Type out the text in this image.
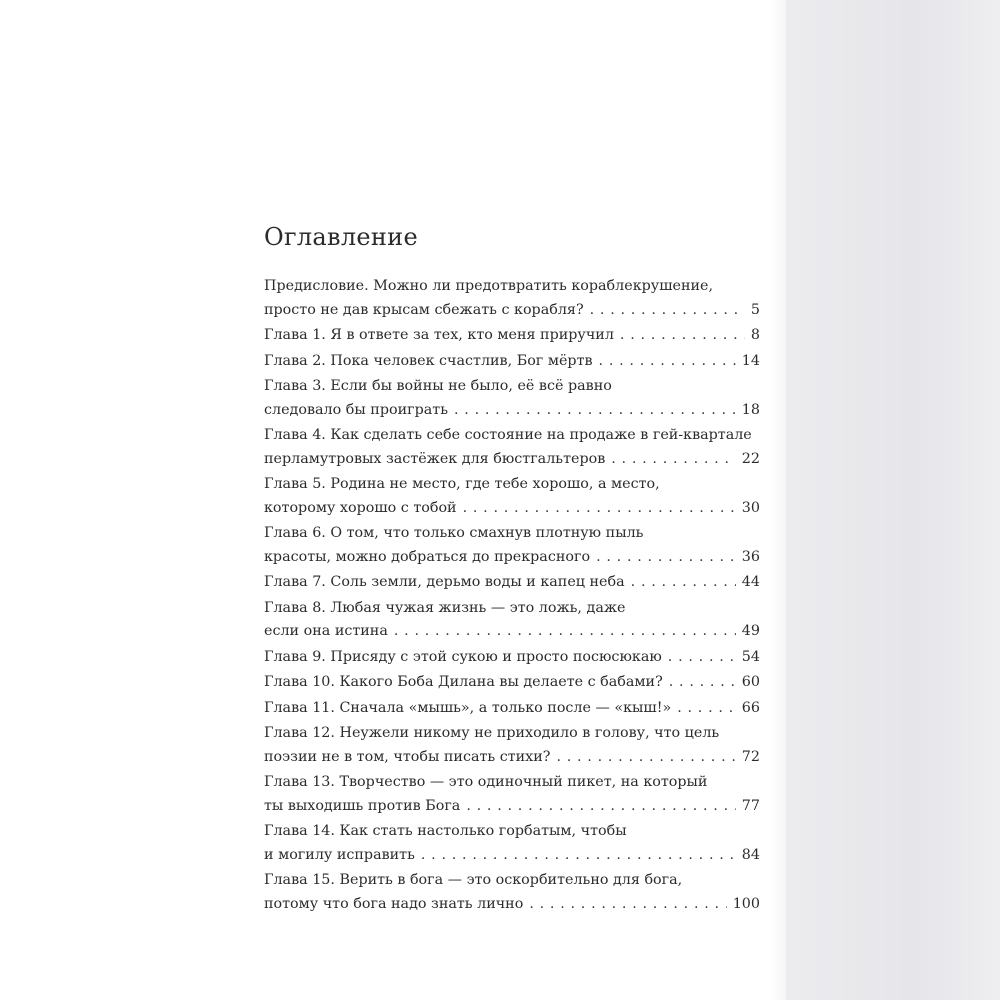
Оглавление
Предисловие. Можно ли предотвратить кораблекрушение,
просто не дав крысам сбежать с корабля? . . .	5
Глава 1. Я в ответе за тех, кто меня приручил . . .	8
Глава 2. Пока человек счастлив, Бог мёртв . . .	14
Глава 3. Если бы войны не было, её всё равно
следовало бы проиграть . . .	18
Глава 4. Как сделать себе состояние на продаже в гей-квартале
перламутровых застёжек для бюстгальтеров . . .	22
Глава 5. Родина не место, где тебе хорошо, а место,
которому хорошо с тобой . . .	30
Глава 6. О том, что только смахнув плотную пыль
красоты, можно добраться до прекрасного . . .	36
Глава 7. Соль земли, дерьмо воды и капец неба . . .	44
Глава 8. Любая чужая жизнь — это ложь, даже
если она истина . . .	49
Глава 9. Присяду с этой сукою и просто посюсюкаю . . .	54
Глава 10. Какого Боба Дилана вы делаете с бабами? . . .	60
Глава 11. Сначала «мышь», а только после — «кыш!» . . .	66
Глава 12. Неужели никому не приходило в голову, что цель
поэзии не в том, чтобы писать стихи? . . .	72
Глава 13. Творчество — это одиночный пикет, на который
ты выходишь против Бога . . .	77
Глава 14. Как стать настолько горбатым, чтобы
и могилу исправить . . .	84
Глава 15. Верить в бога — это оскорбительно для бога,
потому что бога надо знать лично . . .	100
